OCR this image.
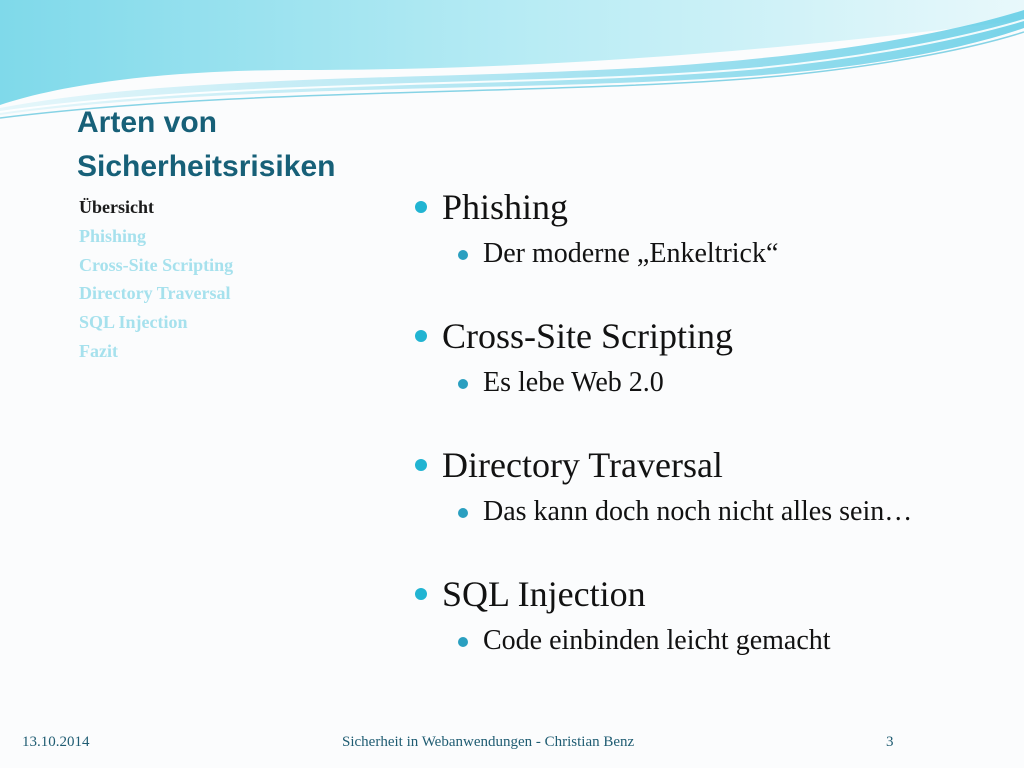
Arten von Sicherheitsrisiken
Übersicht
Phishing
Cross-Site Scripting
Directory Traversal
SQL Injection
Fazit
Phishing
Der moderne „Enkeltrick“
Cross-Site Scripting
Es lebe Web 2.0
Directory Traversal
Das kann doch noch nicht alles sein…
SQL Injection
Code einbinden leicht gemacht
13.10.2014	Sicherheit in Webanwendungen - Christian Benz	3
